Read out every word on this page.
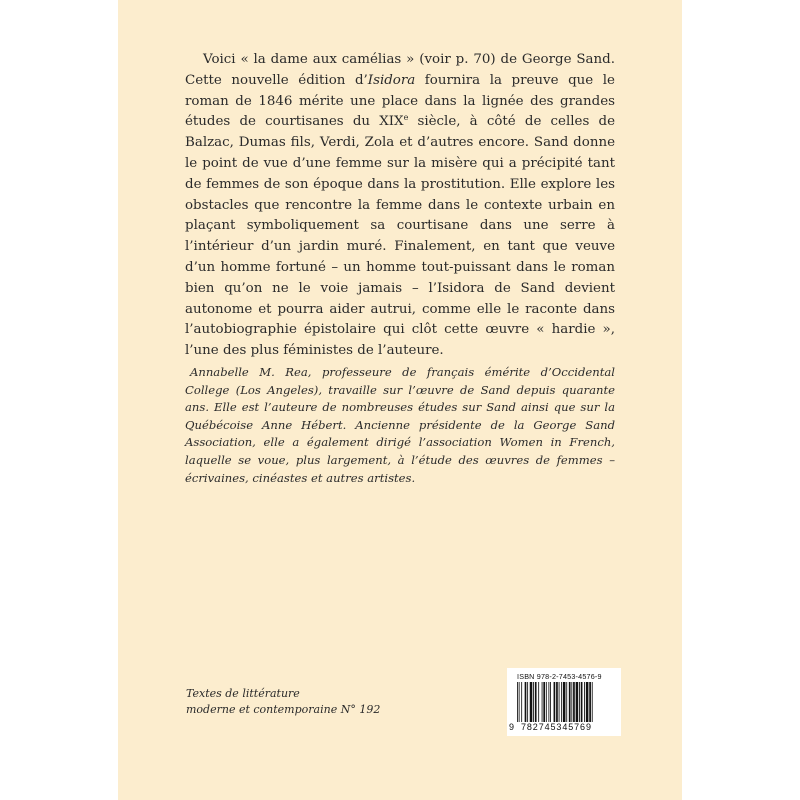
Voici « la dame aux camélias » (voir p. 70) de George Sand. Cette nouvelle édition d’Isidora fournira la preuve que le roman de 1846 mérite une place dans la lignée des grandes études de courtisanes du XIXe siècle, à côté de celles de Balzac, Dumas fils, Verdi, Zola et d’autres encore. Sand donne le point de vue d’une femme sur la misère qui a précipité tant de femmes de son époque dans la prostitution. Elle explore les obstacles que rencontre la femme dans le contexte urbain en plaçant symboliquement sa courtisane dans une serre à l’intérieur d’un jardin muré. Finalement, en tant que veuve d’un homme fortuné – un homme tout-puissant dans le roman bien qu’on ne le voie jamais – l’Isidora de Sand devient autonome et pourra aider autrui, comme elle le raconte dans l’autobiographie épistolaire qui clôt cette œuvre « hardie », l’une des plus féministes de l’auteure.

Annabelle M. Rea, professeure de français émérite d’Occidental College (Los Angeles), travaille sur l’œuvre de Sand depuis quarante ans. Elle est l’auteure de nombreuses études sur Sand ainsi que sur la Québécoise Anne Hébert. Ancienne présidente de la George Sand Association, elle a également dirigé l’association Women in French, laquelle se voue, plus largement, à l’étude des œuvres de femmes – écrivaines, cinéastes et autres artistes.

Textes de littérature
moderne et contemporaine N° 192
ISBN 978-2-7453-4576-9
9 782745345769
